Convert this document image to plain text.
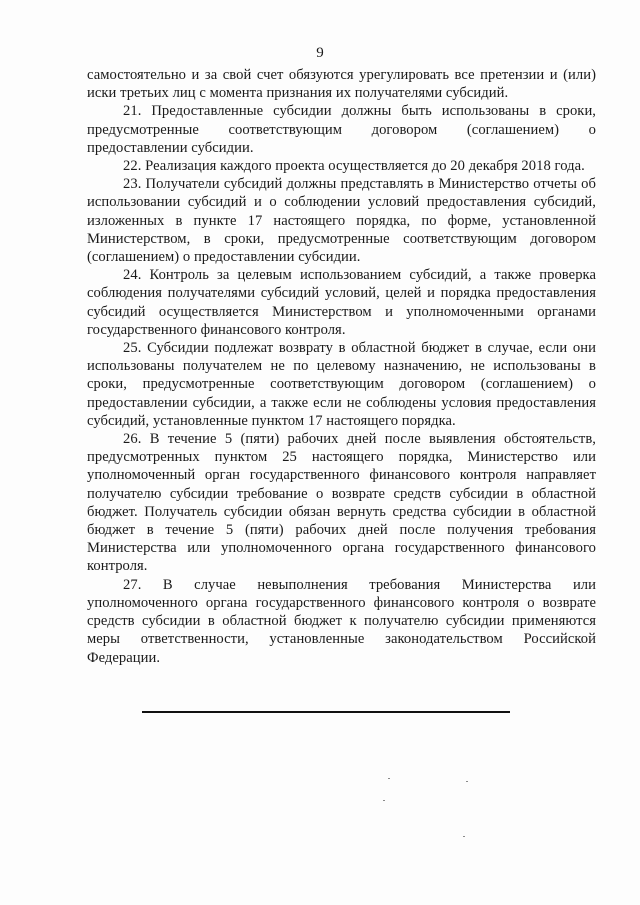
9

самостоятельно и за свой счет обязуются урегулировать все претензии и (или) иски третьих лиц с момента признания их получателями субсидий.

21. Предоставленные субсидии должны быть использованы в сроки, предусмотренные соответствующим договором (соглашением) о предоставлении субсидии.

22. Реализация каждого проекта осуществляется до 20 декабря 2018 года.

23. Получатели субсидий должны представлять в Министерство отчеты об использовании субсидий и о соблюдении условий предоставления субсидий, изложенных в пункте 17 настоящего порядка, по форме, установленной Министерством, в сроки, предусмотренные соответствующим договором (соглашением) о предоставлении субсидии.

24. Контроль за целевым использованием субсидий, а также проверка соблюдения получателями субсидий условий, целей и порядка предоставления субсидий осуществляется Министерством и уполномоченными органами государственного финансового контроля.

25. Субсидии подлежат возврату в областной бюджет в случае, если они использованы получателем не по целевому назначению, не использованы в сроки, предусмотренные соответствующим договором (соглашением) о предоставлении субсидии, а также если не соблюдены условия предоставления субсидий, установленные пунктом 17 настоящего порядка.

26. В течение 5 (пяти) рабочих дней после выявления обстоятельств, предусмотренных пунктом 25 настоящего порядка, Министерство или уполномоченный орган государственного финансового контроля направляет получателю субсидии требование о возврате средств субсидии в областной бюджет. Получатель субсидии обязан вернуть средства субсидии в областной бюджет в течение 5 (пяти) рабочих дней после получения требования Министерства или уполномоченного органа государственного финансового контроля.

27. В случае невыполнения требования Министерства или уполномоченного органа государственного финансового контроля о возврате средств субсидии в областной бюджет к получателю субсидии применяются меры ответственности, установленные законодательством Российской Федерации.
